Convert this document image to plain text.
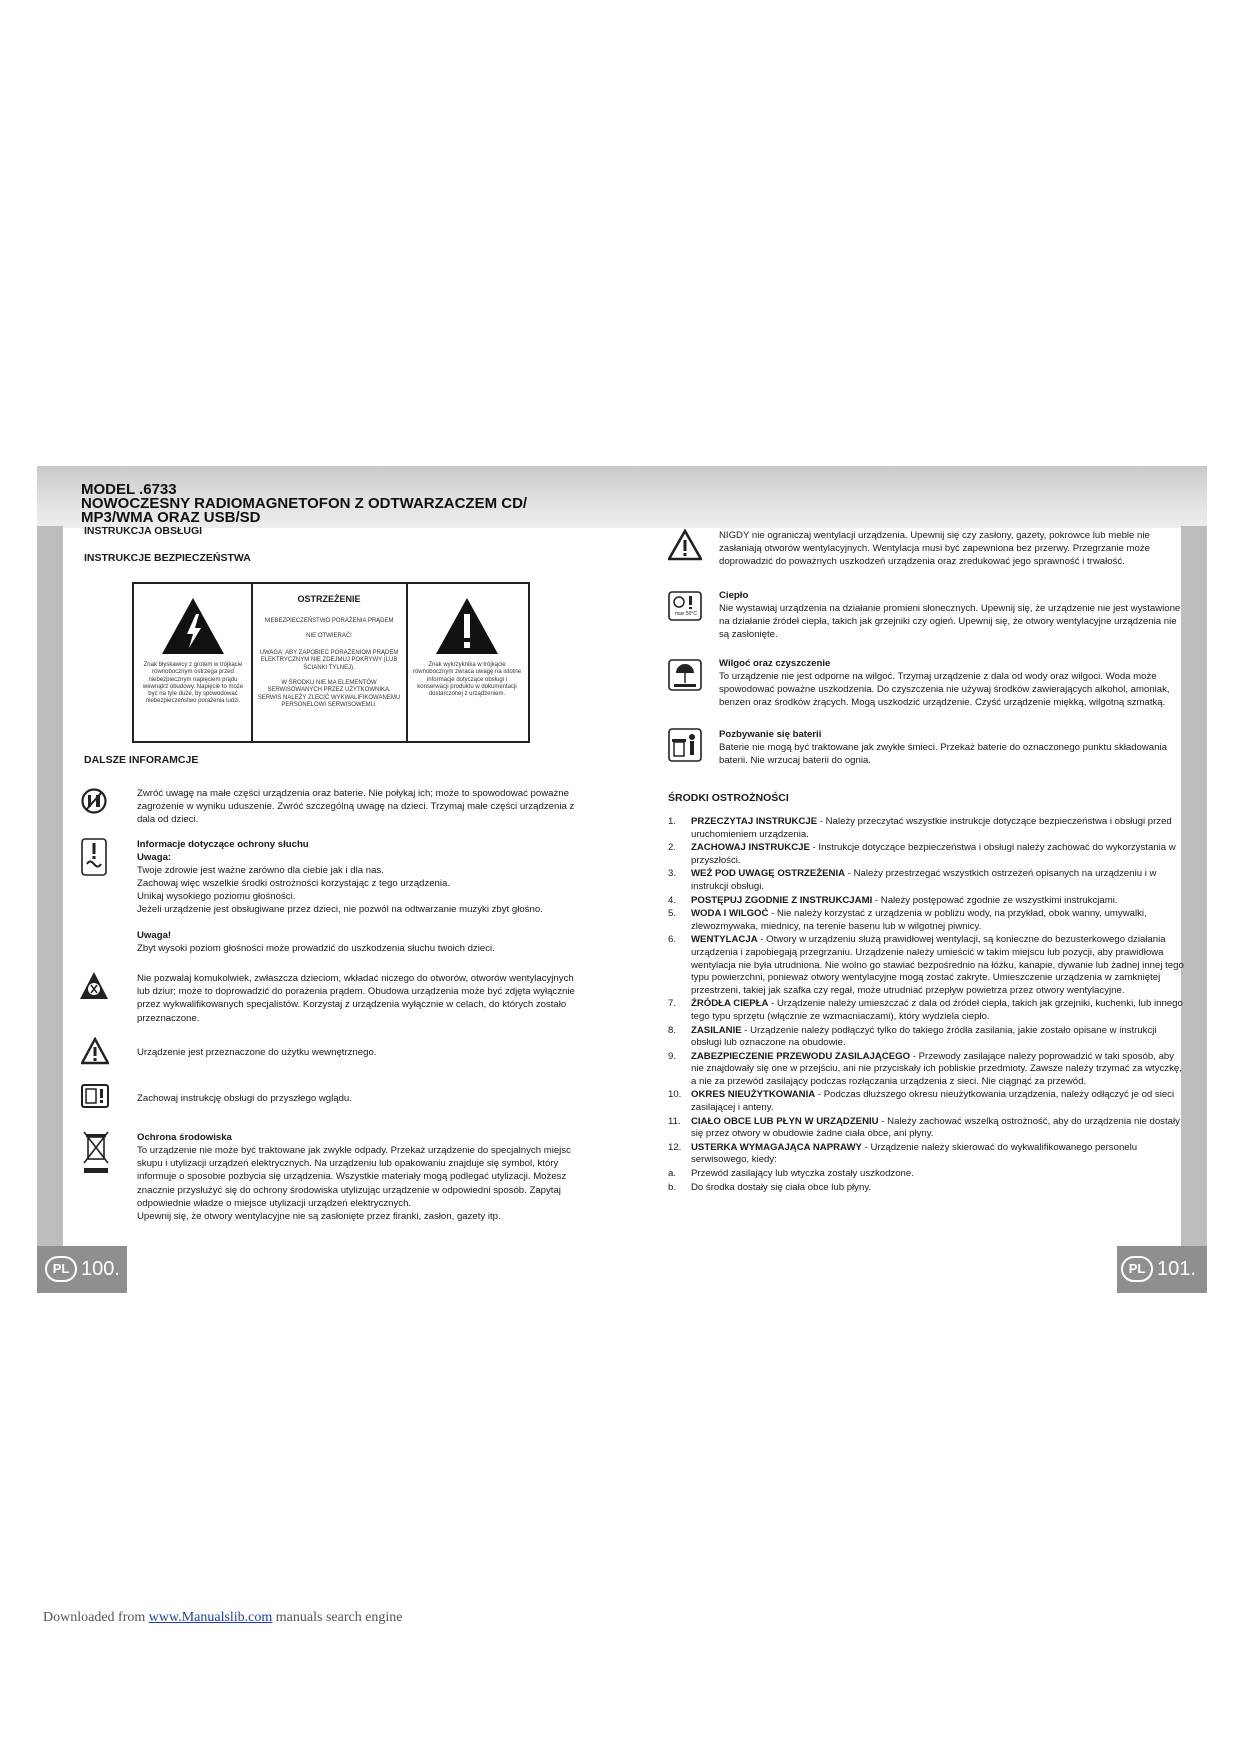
MODEL .6733
NOWOCZESNY RADIOMAGNETOFON Z ODTWARZACZEM CD/
MP3/WMA ORAZ USB/SD
INSTRUKCJA OBSŁUGI
INSTRUKCJE BEZPIECZEŃSTWA
Znak błyskawicy z grotem w trójkącie równobocznym ostrzega przed niebezpiecznym napięciem prądu wewnątrz obudowy. Napięcie to może być na tyle duże, by spowodować niebezpieczeństwo porażenia ludzi.
OSTRZEŻENIE
NIEBEZPIECZEŃSTWO PORAŻENIA PRĄDEM
NIE OTWIERAĆ!
UWAGA: ABY ZAPOBIEC PORAŻENIOM PRĄDEM ELEKTRYCZNYM NIE ZDEJMUJ POKRYWY (LUB ŚCIANKI TYLNEJ).
W ŚRODKU NIE MA ELEMENTÓW SERWISOWANYCH PRZEZ UŻYTKOWNIKA. SERWIS NALEŻY ZLECIĆ WYKWALIFIKOWANEMU PERSONELOWI SERWISOWEMU.
Znak wykrzyknika w trójkącie równobocznym zwraca uwagę na istotne informacje dotyczące obsługi i konserwacji produktu w dokumentacji dostarczonej z urządzeniem.
DALSZE INFORAMCJE
Zwróć uwagę na małe części urządzenia oraz baterie. Nie połykaj ich; może to spowodować poważne zagrożenie w wyniku uduszenie. Zwróć szczególną uwagę na dzieci. Trzymaj małe części urządzenia z dala od dzieci.
Informacje dotyczące ochrony słuchu
Uwaga:
Twoje zdrowie jest ważne zarówno dla ciebie jak i dla nas.
Zachowaj więc wszelkie środki ostrożności korzystając z tego urządzenia.
Unikaj wysokiego poziomu głośności.
Jeżeli urządzenie jest obsługiwane przez dzieci, nie pozwól na odtwarzanie muzyki zbyt głośno.
Uwaga!
Zbyt wysoki poziom głośności może prowadzić do uszkodzenia słuchu twoich dzieci.
Nie pozwalaj komukolwiek, zwłaszcza dzieciom, wkładać niczego do otworów, otworów wentylacyjnych lub dziur; może to doprowadzić do porażenia prądem. Obudowa urządzenia może być zdjęta wyłącznie przez wykwalifikowanych specjalistów. Korzystaj z urządzenia wyłącznie w celach, do których zostało przeznaczone.
Urządzenie jest przeznaczone do użytku wewnętrznego.
Zachowaj instrukcję obsługi do przyszłego wglądu.
Ochrona środowiska
To urządzenie nie może być traktowane jak zwykłe odpady. Przekaż urządzenie do specjalnych miejsc skupu i utylizacji urządzeń elektrycznych. Na urządzeniu lub opakowaniu znajduje się symbol, który informuje o sposobie pozbycia się urządzenia. Wszystkie materiały mogą podlegać utylizacji. Możesz znacznie przysłużyć się do ochrony środowiska utylizując urządzenie w odpowiedni sposób. Zapytaj odpowiednie władze o miejsce utylizacji urządzeń elektrycznych.
Upewnij się, że otwory wentylacyjne nie są zasłonięte przez firanki, zasłon, gazety itp.
NIGDY nie ograniczaj wentylacji urządzenia. Upewnij się czy zasłony, gazety, pokrowce lub meble nie zasłaniają otworów wentylacyjnych. Wentylacja musi być zapewniona bez przerwy. Przegrzanie może doprowadzić do poważnych uszkodzeń urządzenia oraz zredukować jego sprawność i trwałość.
max 50°C
Ciepło
Nie wystawiaj urządzenia na działanie promieni słonecznych. Upewnij się, że urządzenie nie jest wystawione na działanie źródeł ciepła, takich jak grzejniki czy ogień. Upewnij się, że otwory wentylacyjne urządzenia nie są zasłonięte.
Wilgoć oraz czyszczenie
To urządzenie nie jest odporne na wilgoć. Trzymaj urządzenie z dala od wody oraz wilgoci. Woda może spowodować poważne uszkodzenia. Do czyszczenia nie używaj środków zawierających alkohol, amoniak, benzen oraz środków żrących. Mogą uszkodzić urządzenie. Czyść urządzenie miękką, wilgotną szmatką.
Pozbywanie się baterii
Baterie nie mogą być traktowane jak zwykłe śmieci. Przekaż baterie do oznaczonego punktu składowania baterii. Nie wrzucaj baterii do ognia.
ŚRODKI OSTROŻNOŚCI
1. PRZECZYTAJ INSTRUKCJE - Należy przeczytać wszystkie instrukcje dotyczące bezpieczeństwa i obsługi przed uruchomieniem urządzenia.
2. ZACHOWAJ INSTRUKCJE - Instrukcje dotyczące bezpieczeństwa i obsługi należy zachować do wykorzystania w przyszłości.
3. WEŹ POD UWAGĘ OSTRZEŻENIA - Należy przestrzegać wszystkich ostrzeżeń opisanych na urządzeniu i w instrukcji obsługi.
4. POSTĘPUJ ZGODNIE Z INSTRUKCJAMI - Należy postępować zgodnie ze wszystkimi instrukcjami.
5. WODA I WILGOĆ - Nie należy korzystać z urządzenia w pobliżu wody, na przykład, obok wanny, umywalki, zlewozmywaka, miednicy, na terenie basenu lub w wilgotnej piwnicy.
6. WENTYLACJA - Otwory w urządzeniu służą prawidłowej wentylacji, są konieczne do bezusterkowego działania urządzenia i zapobiegają przegrzaniu. Urządzenie należy umieścić w takim miejscu lub pozycji, aby prawidłowa wentylacja nie była utrudniona. Nie wolno go stawiać bezpośrednio na łóżku, kanapie, dywanie lub żadnej innej tego typu powierzchni, ponieważ otwory wentylacyjne mogą zostać zakryte. Umieszczenie urządzenia w zamkniętej przestrzeni, takiej jak szafka czy regał, może utrudniać przepływ powietrza przez otwory wentylacyjne.
7. ŹRÓDŁA CIEPŁA - Urządzenie należy umieszczać z dala od źródeł ciepła, takich jak grzejniki, kuchenki, lub innego tego typu sprzętu (włącznie ze wzmacniaczami), który wydziela ciepło.
8. ZASILANIE - Urządzenie należy podłączyć tylko do takiego źródła zasilania, jakie zostało opisane w instrukcji obsługi lub oznaczone na obudowie.
9. ZABEZPIECZENIE PRZEWODU ZASILAJĄCEGO - Przewody zasilające należy poprowadzić w taki sposób, aby nie znajdowały się one w przejściu, ani nie przyciskały ich pobliskie przedmioty. Zawsze należy trzymać za wtyczkę, a nie za przewód zasilający podczas rozłączania urządzenia z sieci. Nie ciągnąć za przewód.
10. OKRES NIEUŻYTKOWANIA - Podczas dłuższego okresu nieużytkowania urządzenia, należy odłączyć je od sieci zasilającej i anteny.
11. CIAŁO OBCE LUB PŁYN W URZĄDZENIU - Należy zachować wszelką ostrożność, aby do urządzenia nie dostały się przez otwory w obudowie żadne ciała obce, ani płyny.
12. USTERKA WYMAGAJĄCA NAPRAWY - Urządzenie należy skierować do wykwalifikowanego personelu serwisowego, kiedy:
a. Przewód zasilający lub wtyczka zostały uszkodzone.
b. Do środka dostały się ciała obce lub płyny.
PL 100.	PL 101.
Downloaded from www.Manualslib.com manuals search engine
